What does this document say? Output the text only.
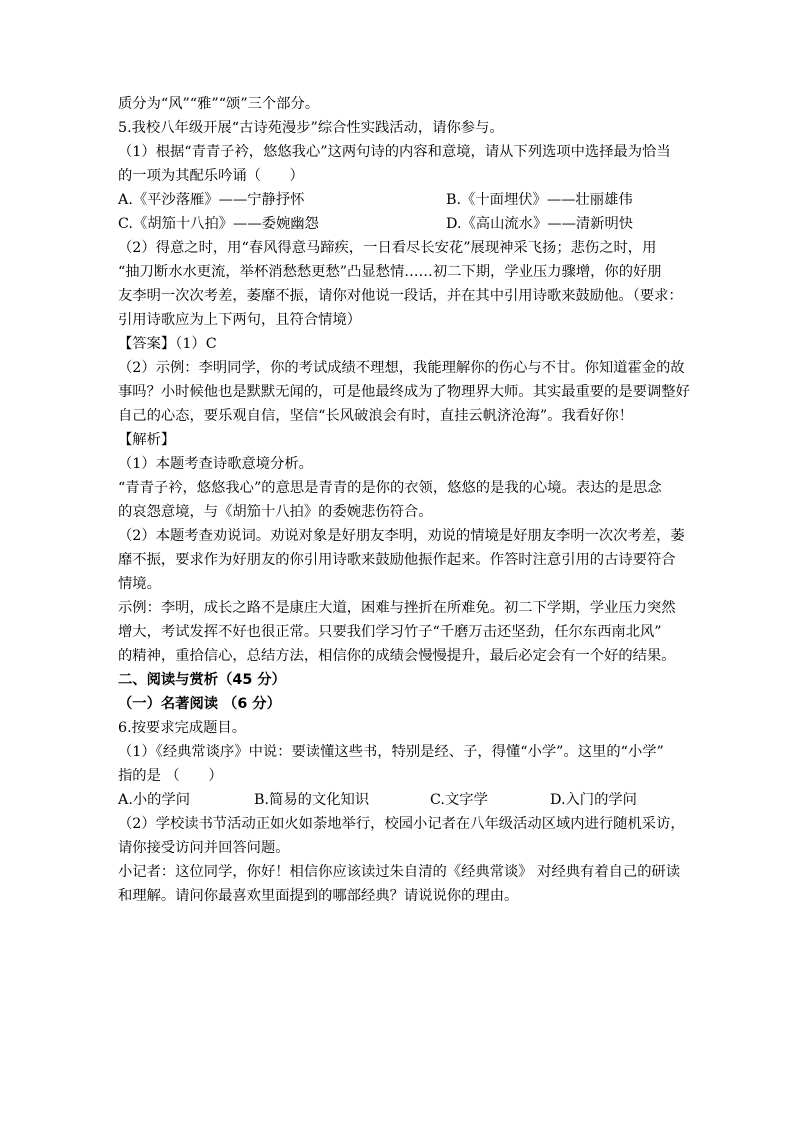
质分为“风”“雅”“颂”三个部分。
5.我校八年级开展“古诗苑漫步”综合性实践活动，请你参与。
（1）根据“青青子衿，悠悠我心”这两句诗的内容和意境，请从下列选项中选择最为恰当
的一项为其配乐吟诵（　　）
A.《平沙落雁》——宁静抒怀	B.《十面埋伏》——壮丽雄伟
C.《胡笳十八拍》——委婉幽怨	D.《高山流水》——清新明快
（2）得意之时，用“春风得意马蹄疾，一日看尽长安花”展现神采飞扬；悲伤之时，用
“抽刀断水水更流，举杯消愁愁更愁”凸显愁情……初二下期，学业压力骤增，你的好朋
友李明一次次考差，萎靡不振，请你对他说一段话，并在其中引用诗歌来鼓励他。（要求：
引用诗歌应为上下两句，且符合情境）
【答案】（1）C
（2）示例：李明同学，你的考试成绩不理想，我能理解你的伤心与不甘。你知道霍金的故
事吗？小时候他也是默默无闻的，可是他最终成为了物理界大师。其实最重要的是要调整好
自己的心态，要乐观自信，坚信“长风破浪会有时，直挂云帆济沧海”。我看好你！
【解析】
（1）本题考查诗歌意境分析。
“青青子衿，悠悠我心”的意思是青青的是你的衣领，悠悠的是我的心境。表达的是思念
的哀怨意境，与《胡笳十八拍》的委婉悲伤符合。
（2）本题考查劝说词。劝说对象是好朋友李明，劝说的情境是好朋友李明一次次考差，萎
靡不振，要求作为好朋友的你引用诗歌来鼓励他振作起来。作答时注意引用的古诗要符合
情境。
示例：李明，成长之路不是康庄大道，困难与挫折在所难免。初二下学期，学业压力突然
增大，考试发挥不好也很正常。只要我们学习竹子“千磨万击还坚劲，任尔东西南北风”
的精神，重拾信心，总结方法，相信你的成绩会慢慢提升，最后必定会有一个好的结果。
二、阅读与赏析（45 分）
（一）名著阅读 （6 分）
6.按要求完成题目。
（1）《经典常谈序》中说：要读懂这些书，特别是经、子，得懂“小学”。这里的“小学”
指的是 （　　）
A.小的学问	B.简易的文化知识	C.文字学	D.入门的学问
（2）学校读书节活动正如火如荼地举行，校园小记者在八年级活动区域内进行随机采访，
请你接受访问并回答问题。
小记者：这位同学，你好！相信你应该读过朱自清的《经典常谈》 对经典有着自己的研读
和理解。请问你最喜欢里面提到的哪部经典？请说说你的理由。
